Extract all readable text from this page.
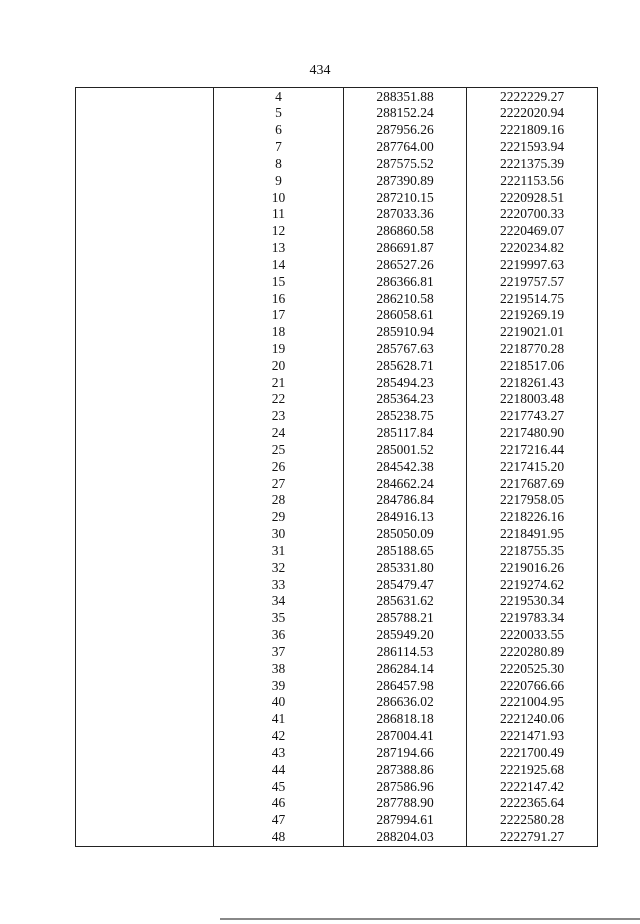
434
	4	288351.88	2222229.27
	5	288152.24	2222020.94
	6	287956.26	2221809.16
	7	287764.00	2221593.94
	8	287575.52	2221375.39
	9	287390.89	2221153.56
	10	287210.15	2220928.51
	11	287033.36	2220700.33
	12	286860.58	2220469.07
	13	286691.87	2220234.82
	14	286527.26	2219997.63
	15	286366.81	2219757.57
	16	286210.58	2219514.75
	17	286058.61	2219269.19
	18	285910.94	2219021.01
	19	285767.63	2218770.28
	20	285628.71	2218517.06
	21	285494.23	2218261.43
	22	285364.23	2218003.48
	23	285238.75	2217743.27
	24	285117.84	2217480.90
	25	285001.52	2217216.44
	26	284542.38	2217415.20
	27	284662.24	2217687.69
	28	284786.84	2217958.05
	29	284916.13	2218226.16
	30	285050.09	2218491.95
	31	285188.65	2218755.35
	32	285331.80	2219016.26
	33	285479.47	2219274.62
	34	285631.62	2219530.34
	35	285788.21	2219783.34
	36	285949.20	2220033.55
	37	286114.53	2220280.89
	38	286284.14	2220525.30
	39	286457.98	2220766.66
	40	286636.02	2221004.95
	41	286818.18	2221240.06
	42	287004.41	2221471.93
	43	287194.66	2221700.49
	44	287388.86	2221925.68
	45	287586.96	2222147.42
	46	287788.90	2222365.64
	47	287994.61	2222580.28
	48	288204.03	2222791.27
